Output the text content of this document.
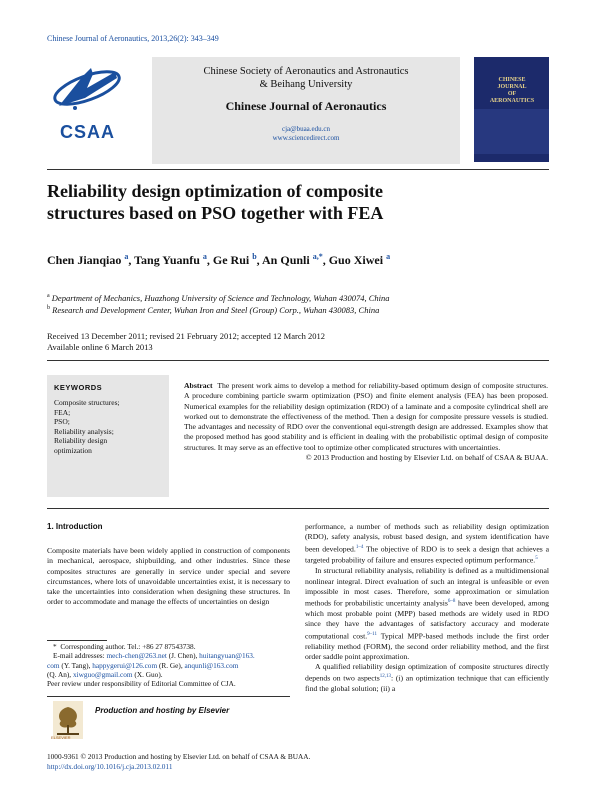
Chinese Journal of Aeronautics, 2013,26(2): 343–349
CSAA
Chinese Society of Aeronautics and Astronautics
& Beihang University
Chinese Journal of Aeronautics
cja@buaa.edu.cn
www.sciencedirect.com
CHINESE
JOURNAL
OF
AERONAUTICS
Reliability design optimization of composite
structures based on PSO together with FEA
Chen Jianqiao $^a$, Tang Yuanfu $^a$, Ge Rui $^b$, An Qunli $^{a,*}$, Guo Xiwei $^a$
$^a$ Department of Mechanics, Huazhong University of Science and Technology, Wuhan 430074, China
$^b$ Research and Development Center, Wuhan Iron and Steel (Group) Corp., Wuhan 430083, China
Received 13 December 2011; revised 21 February 2012; accepted 12 March 2012
Available online 6 March 2013
KEYWORDS
Composite structures;
FEA;
PSO;
Reliability analysis;
Reliability design
optimization
Abstract The present work aims to develop a method for reliability-based optimum design of composite structures. A procedure combining particle swarm optimization (PSO) and finite element analysis (FEA) has been proposed. Numerical examples for the reliability design optimization (RDO) of a laminate and a composite cylindrical shell are worked out to demonstrate the effectiveness of the method. Then a design for composite pressure vessels is studied. The advantages and necessity of RDO over the conventional equi-strength design are addressed. Examples show that the proposed method has good stability and is efficient in dealing with the probabilistic optimal design of composite structures. It may serve as an effective tool to optimize other complicated structures with uncertainties.
© 2013 Production and hosting by Elsevier Ltd. on behalf of CSAA & BUAA.
1. Introduction
Composite materials have been widely applied in construction of components in mechanical, aerospace, shipbuilding, and other industries. Since these composites structures are generally in service under special and severe circumstances, where lots of unavoidable uncertainties exist, it is necessary to take the uncertainties into consideration when designing these structures. In order to accommodate and manage the effects of uncertainties on design
* Corresponding author. Tel.: +86 27 87543738.
E-mail addresses: mech-chen@263.net (J. Chen), huitangyuan@163.
com (Y. Tang), happygerui@126.com (R. Ge), anqunli@163.com
(Q. An), xiwguo@gmail.com (X. Guo).
Peer review under responsibility of Editorial Committee of CJA.
ELSEVIER
Production and hosting by Elsevier
performance, a number of methods such as reliability design optimization (RDO), safety analysis, robust based design, and system identification have been developed.$^{1-4}$ The objective of RDO is to seek a design that achieves a targeted probability of failure and ensures expected optimum performance.$^5$
In structural reliability analysis, reliability is defined as a multidimensional nonlinear integral. Direct evaluation of such an integral is unfeasible or even impossible in most cases. Therefore, some approximation or simulation methods for probabilistic uncertainty analysis$^{6-8}$ have been developed, among which most probable point (MPP) based methods are widely used in RDO since they have the advantages of satisfactory accuracy and moderate computational cost.$^{9-11}$ Typical MPP-based methods include the first order reliability method (FORM), the second order reliability method, and the first order saddle point approximation.
A qualified reliability design optimization of composite structures directly depends on two aspects$^{12,13}$: (i) an optimization technique that can efficiently find the global solution; (ii) a
1000-9361 © 2013 Production and hosting by Elsevier Ltd. on behalf of CSAA & BUAA.
http://dx.doi.org/10.1016/j.cja.2013.02.011
